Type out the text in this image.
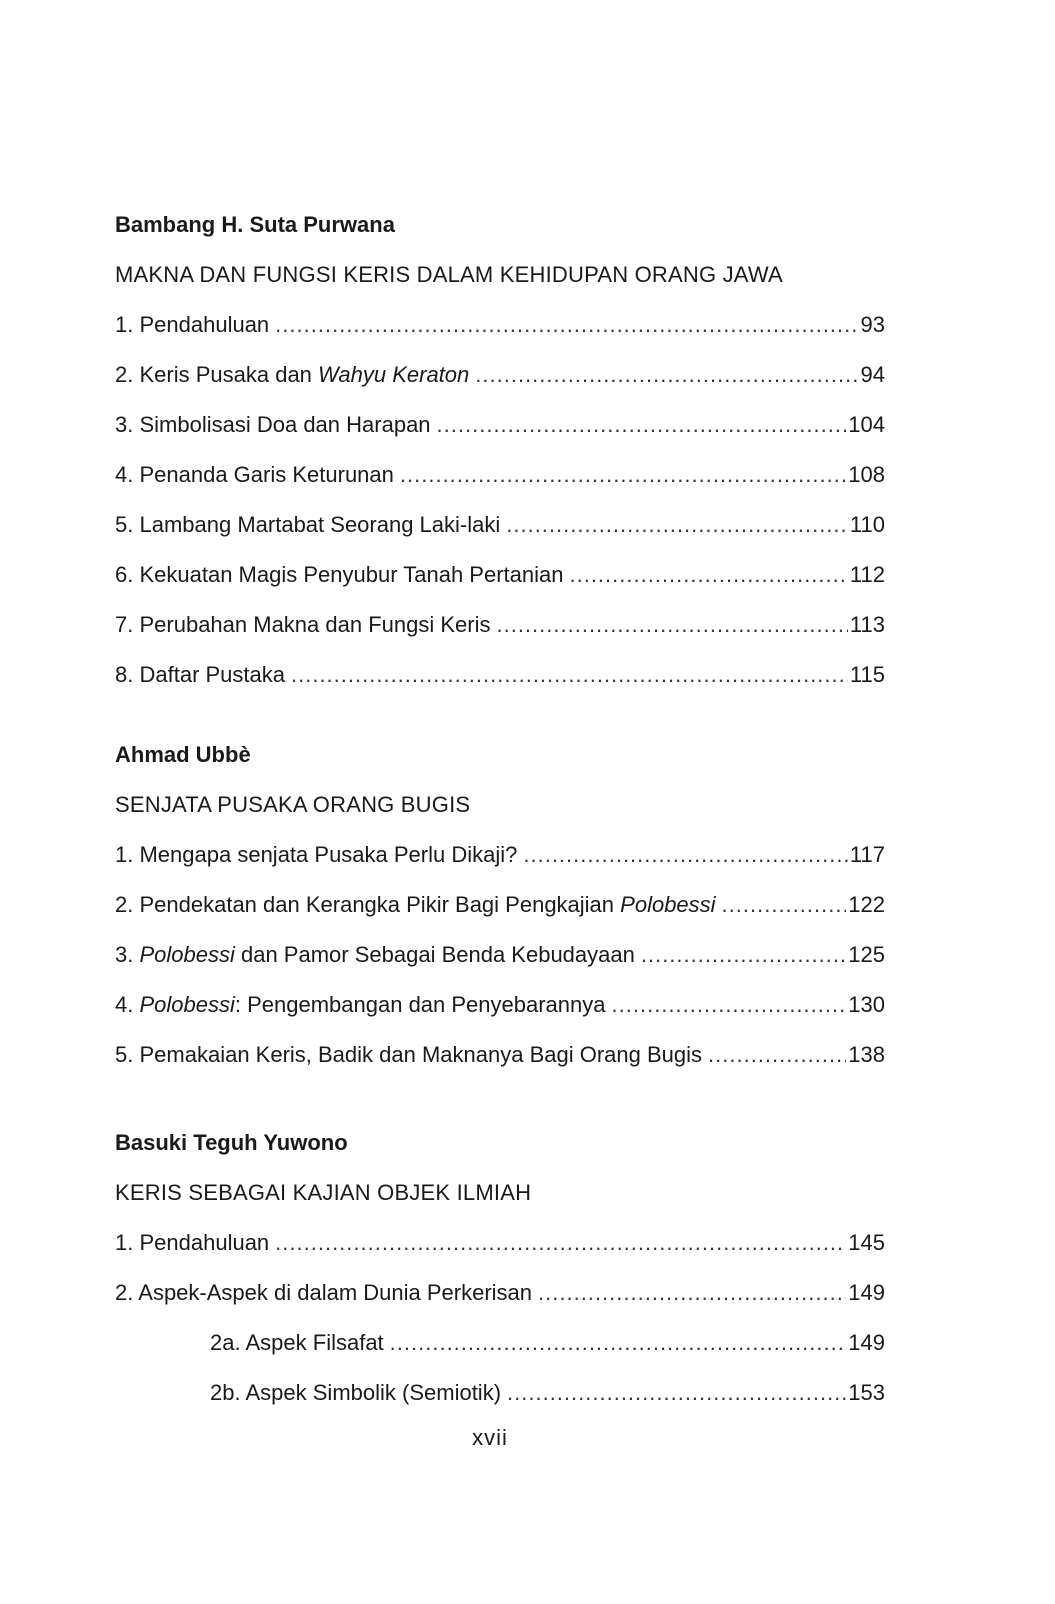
Bambang H. Suta Purwana
MAKNA DAN FUNGSI KERIS DALAM KEHIDUPAN ORANG JAWA
1. Pendahuluan .....	93
2. Keris Pusaka dan Wahyu Keraton .....	94
3. Simbolisasi Doa dan Harapan .....	104
4. Penanda Garis Keturunan .....	108
5. Lambang Martabat Seorang Laki-laki .....	110
6. Kekuatan Magis Penyubur Tanah Pertanian .....	112
7. Perubahan Makna dan Fungsi Keris .....	113
8. Daftar Pustaka .....	115
Ahmad Ubbè
SENJATA PUSAKA ORANG BUGIS
1. Mengapa senjata Pusaka Perlu Dikaji? .....	117
2. Pendekatan dan Kerangka Pikir Bagi Pengkajian Polobessi .....	122
3. Polobessi dan Pamor Sebagai Benda Kebudayaan .....	125
4. Polobessi: Pengembangan dan Penyebarannya .....	130
5. Pemakaian Keris, Badik dan Maknanya Bagi Orang Bugis .....	138
Basuki Teguh Yuwono
KERIS SEBAGAI KAJIAN OBJEK ILMIAH
1. Pendahuluan .....	145
2. Aspek-Aspek di dalam Dunia Perkerisan .....	149
2a. Aspek Filsafat .....	149
2b. Aspek Simbolik (Semiotik) .....	153
xvii
